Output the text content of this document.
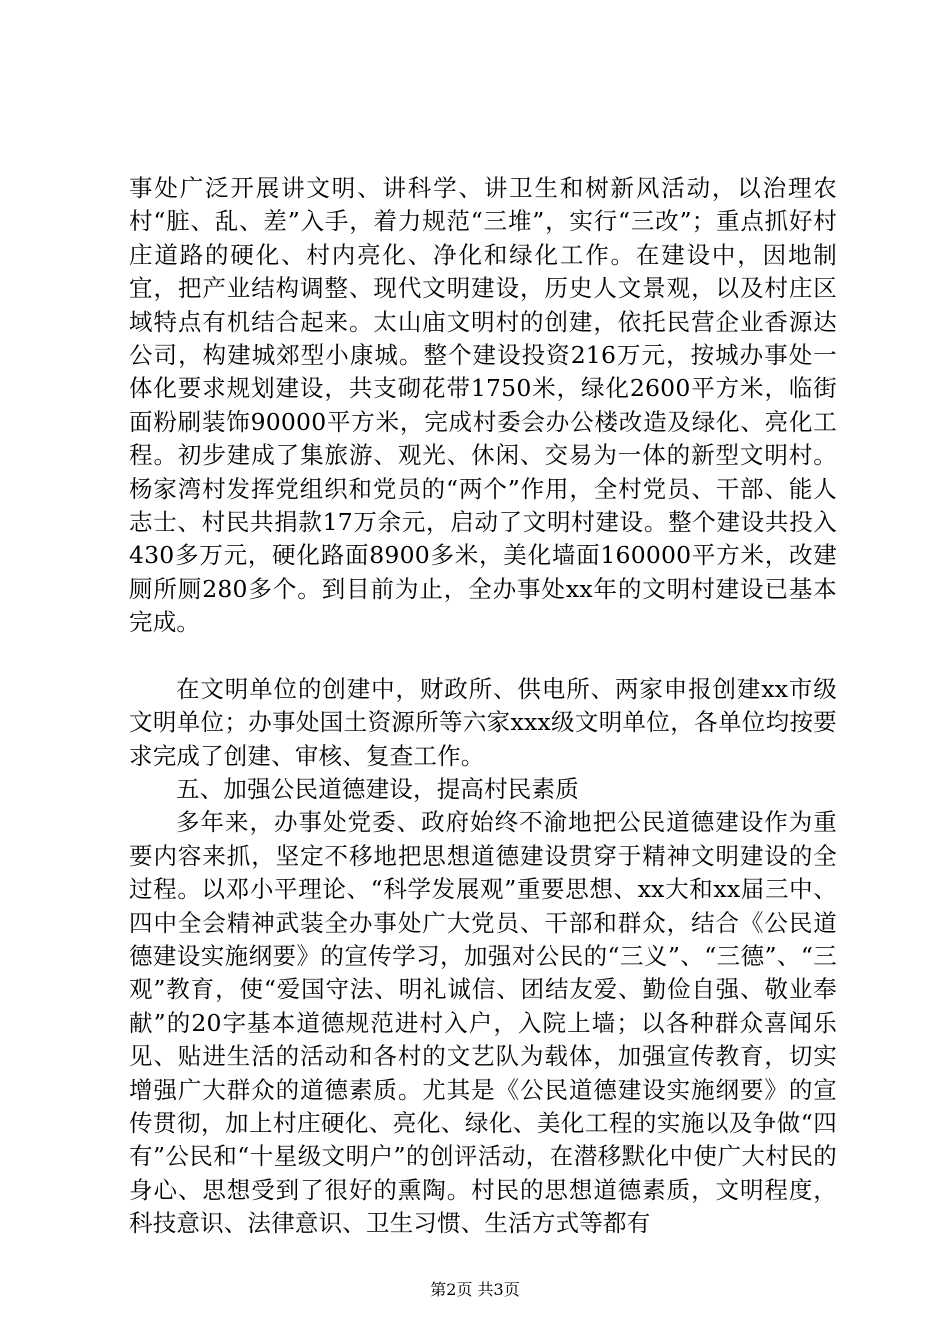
事处广泛开展讲文明、讲科学、讲卫生和树新风活动，以治理农村“脏、乱、差”入手，着力规范“三堆”，实行“三改”；重点抓好村庄道路的硬化、村内亮化、净化和绿化工作。在建设中，因地制宜，把产业结构调整、现代文明建设，历史人文景观，以及村庄区域特点有机结合起来。太山庙文明村的创建，依托民营企业香源达公司，构建城郊型小康城。整个建设投资216万元，按城办事处一体化要求规划建设，共支砌花带1750米，绿化2600平方米，临街面粉刷装饰90000平方米，完成村委会办公楼改造及绿化、亮化工程。初步建成了集旅游、观光、休闲、交易为一体的新型文明村。杨家湾村发挥党组织和党员的“两个”作用，全村党员、干部、能人志士、村民共捐款17万余元，启动了文明村建设。整个建设共投入430多万元，硬化路面8900多米，美化墙面160000平方米，改建厕所厕280多个。到目前为止，全办事处xx年的文明村建设已基本完成。

在文明单位的创建中，财政所、供电所、两家申报创建xx市级文明单位；办事处国土资源所等六家xxx级文明单位，各单位均按要求完成了创建、审核、复查工作。

五、加强公民道德建设，提高村民素质

多年来，办事处党委、政府始终不渝地把公民道德建设作为重要内容来抓，坚定不移地把思想道德建设贯穿于精神文明建设的全过程。以邓小平理论、“科学发展观”重要思想、xx大和xx届三中、四中全会精神武装全办事处广大党员、干部和群众，结合《公民道德建设实施纲要》的宣传学习，加强对公民的“三义”、“三德”、“三观”教育，使“爱国守法、明礼诚信、团结友爱、勤俭自强、敬业奉献”的20字基本道德规范进村入户，入院上墙；以各种群众喜闻乐见、贴进生活的活动和各村的文艺队为载体，加强宣传教育，切实增强广大群众的道德素质。尤其是《公民道德建设实施纲要》的宣传贯彻，加上村庄硬化、亮化、绿化、美化工程的实施以及争做“四有”公民和“十星级文明户”的创评活动，在潜移默化中使广大村民的身心、思想受到了很好的熏陶。村民的思想道德素质，文明程度，科技意识、法律意识、卫生习惯、生活方式等都有

第2页 共3页
